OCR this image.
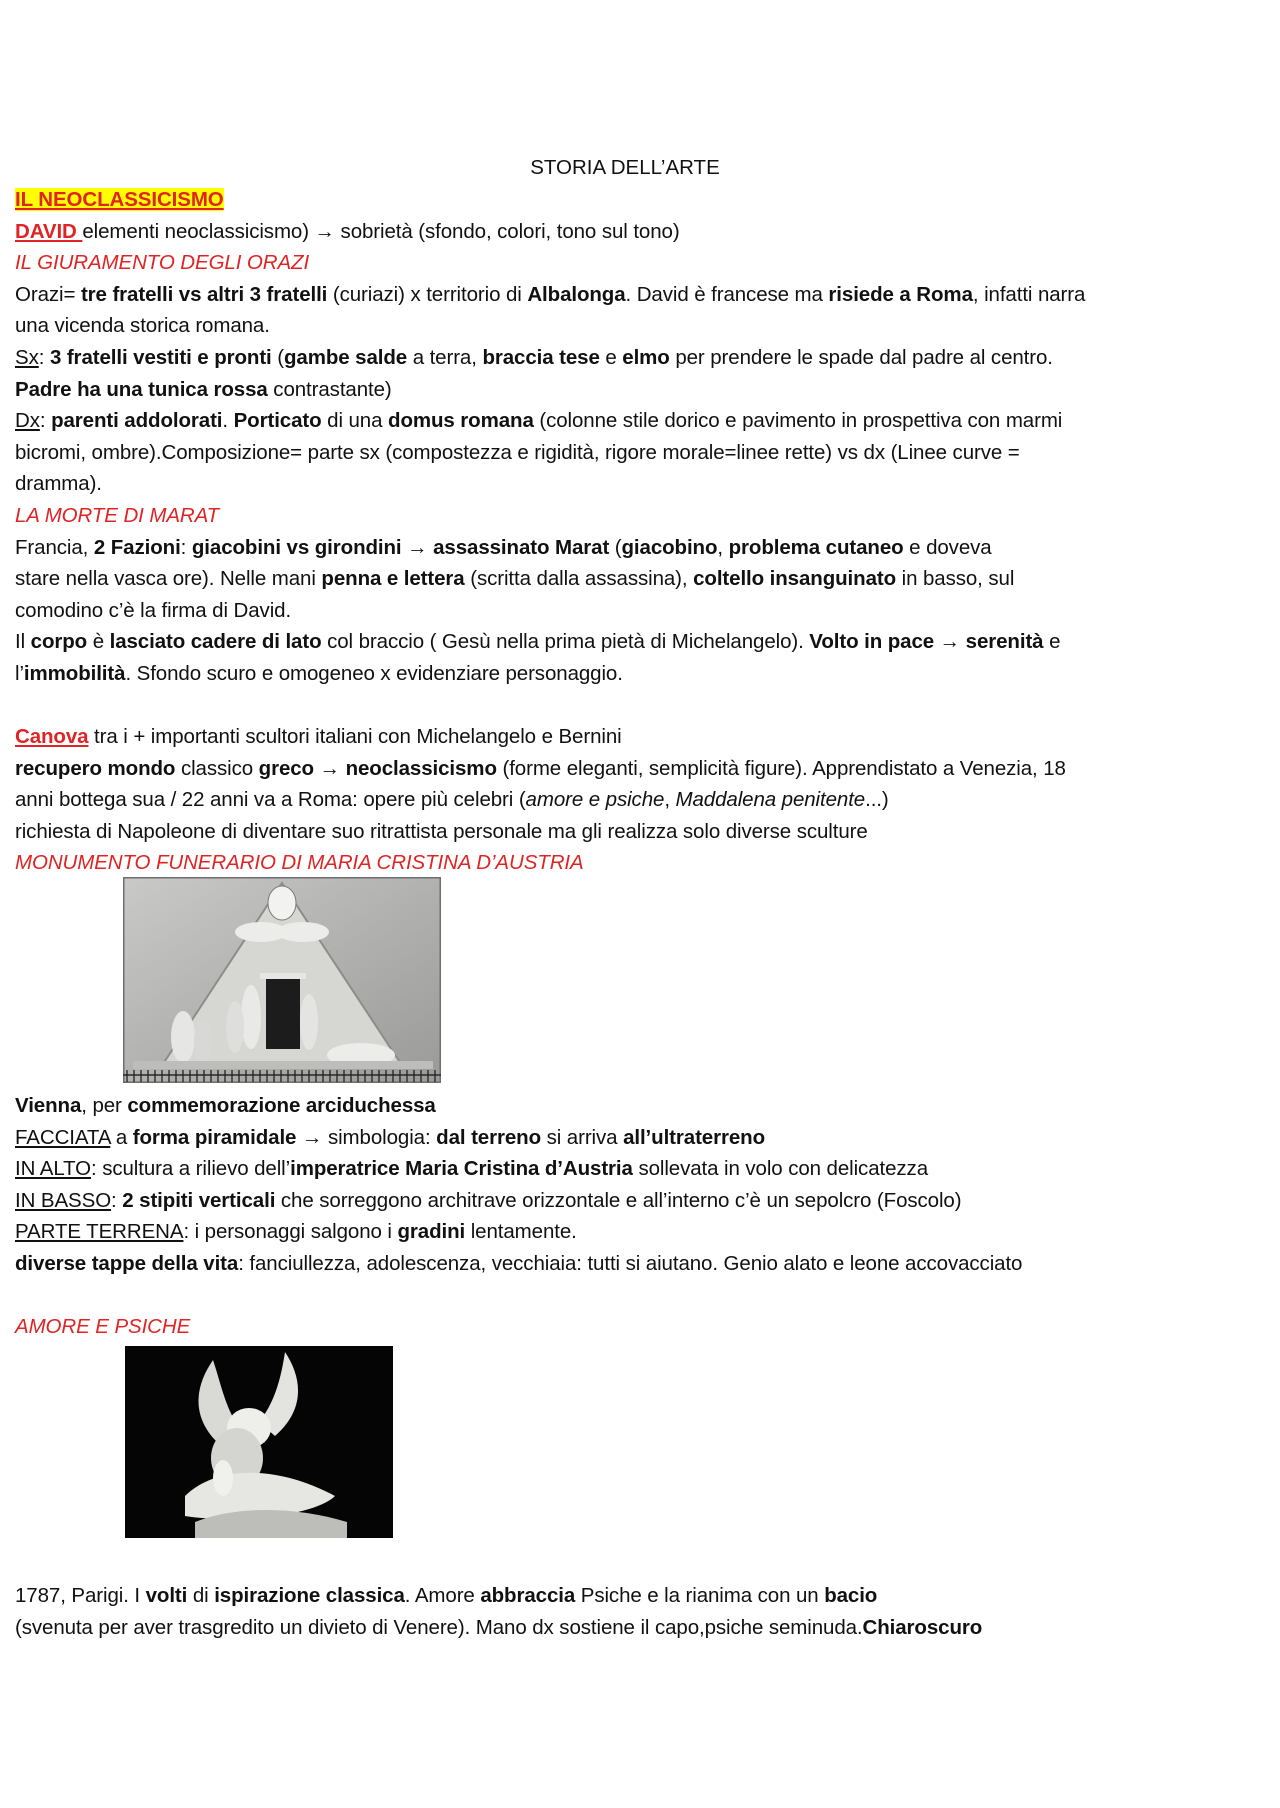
STORIA DELL’ARTE
IL NEOCLASSICISMO
DAVID elementi neoclassicismo) → sobrietà (sfondo, colori, tono sul tono)
IL GIURAMENTO DEGLI ORAZI
Orazi= tre fratelli vs altri 3 fratelli (curiazi) x territorio di Albalonga. David è francese ma risiede a Roma, infatti narra
una vicenda storica romana.
Sx: 3 fratelli vestiti e pronti (gambe salde a terra, braccia tese e elmo per prendere le spade dal padre al centro.
Padre ha una tunica rossa contrastante)
Dx: parenti addolorati. Porticato di una domus romana (colonne stile dorico e pavimento in prospettiva con marmi
bicromi, ombre).Composizione= parte sx (compostezza e rigidità, rigore morale=linee rette) vs dx (Linee curve =
dramma).
LA MORTE DI MARAT
Francia, 2 Fazioni: giacobini vs girondini → assassinato Marat (giacobino, problema cutaneo e doveva
stare nella vasca ore). Nelle mani penna e lettera (scritta dalla assassina), coltello insanguinato in basso, sul
comodino c’è la firma di David.
Il corpo è lasciato cadere di lato col braccio ( Gesù nella prima pietà di Michelangelo). Volto in pace → serenità e
l’immobilità. Sfondo scuro e omogeneo x evidenziare personaggio.
Canova tra i + importanti scultori italiani con Michelangelo e Bernini
recupero mondo classico greco → neoclassicismo (forme eleganti, semplicità figure). Apprendistato a Venezia, 18
anni bottega sua / 22 anni va a Roma: opere più celebri (amore e psiche, Maddalena penitente...)
richiesta di Napoleone di diventare suo ritrattista personale ma gli realizza solo diverse sculture
MONUMENTO FUNERARIO DI MARIA CRISTINA D’AUSTRIA
Vienna, per commemorazione arciduchessa
FACCIATA a forma piramidale → simbologia: dal terreno si arriva all’ultraterreno
IN ALTO: scultura a rilievo dell’imperatrice Maria Cristina d’Austria sollevata in volo con delicatezza
IN BASSO: 2 stipiti verticali che sorreggono architrave orizzontale e all’interno c’è un sepolcro (Foscolo)
PARTE TERRENA: i personaggi salgono i gradini lentamente.
diverse tappe della vita: fanciullezza, adolescenza, vecchiaia: tutti si aiutano. Genio alato e leone accovacciato
AMORE E PSICHE
1787, Parigi. I volti di ispirazione classica. Amore abbraccia Psiche e la rianima con un bacio
(svenuta per aver trasgredito un divieto di Venere). Mano dx sostiene il capo,psiche seminuda.Chiaroscuro
